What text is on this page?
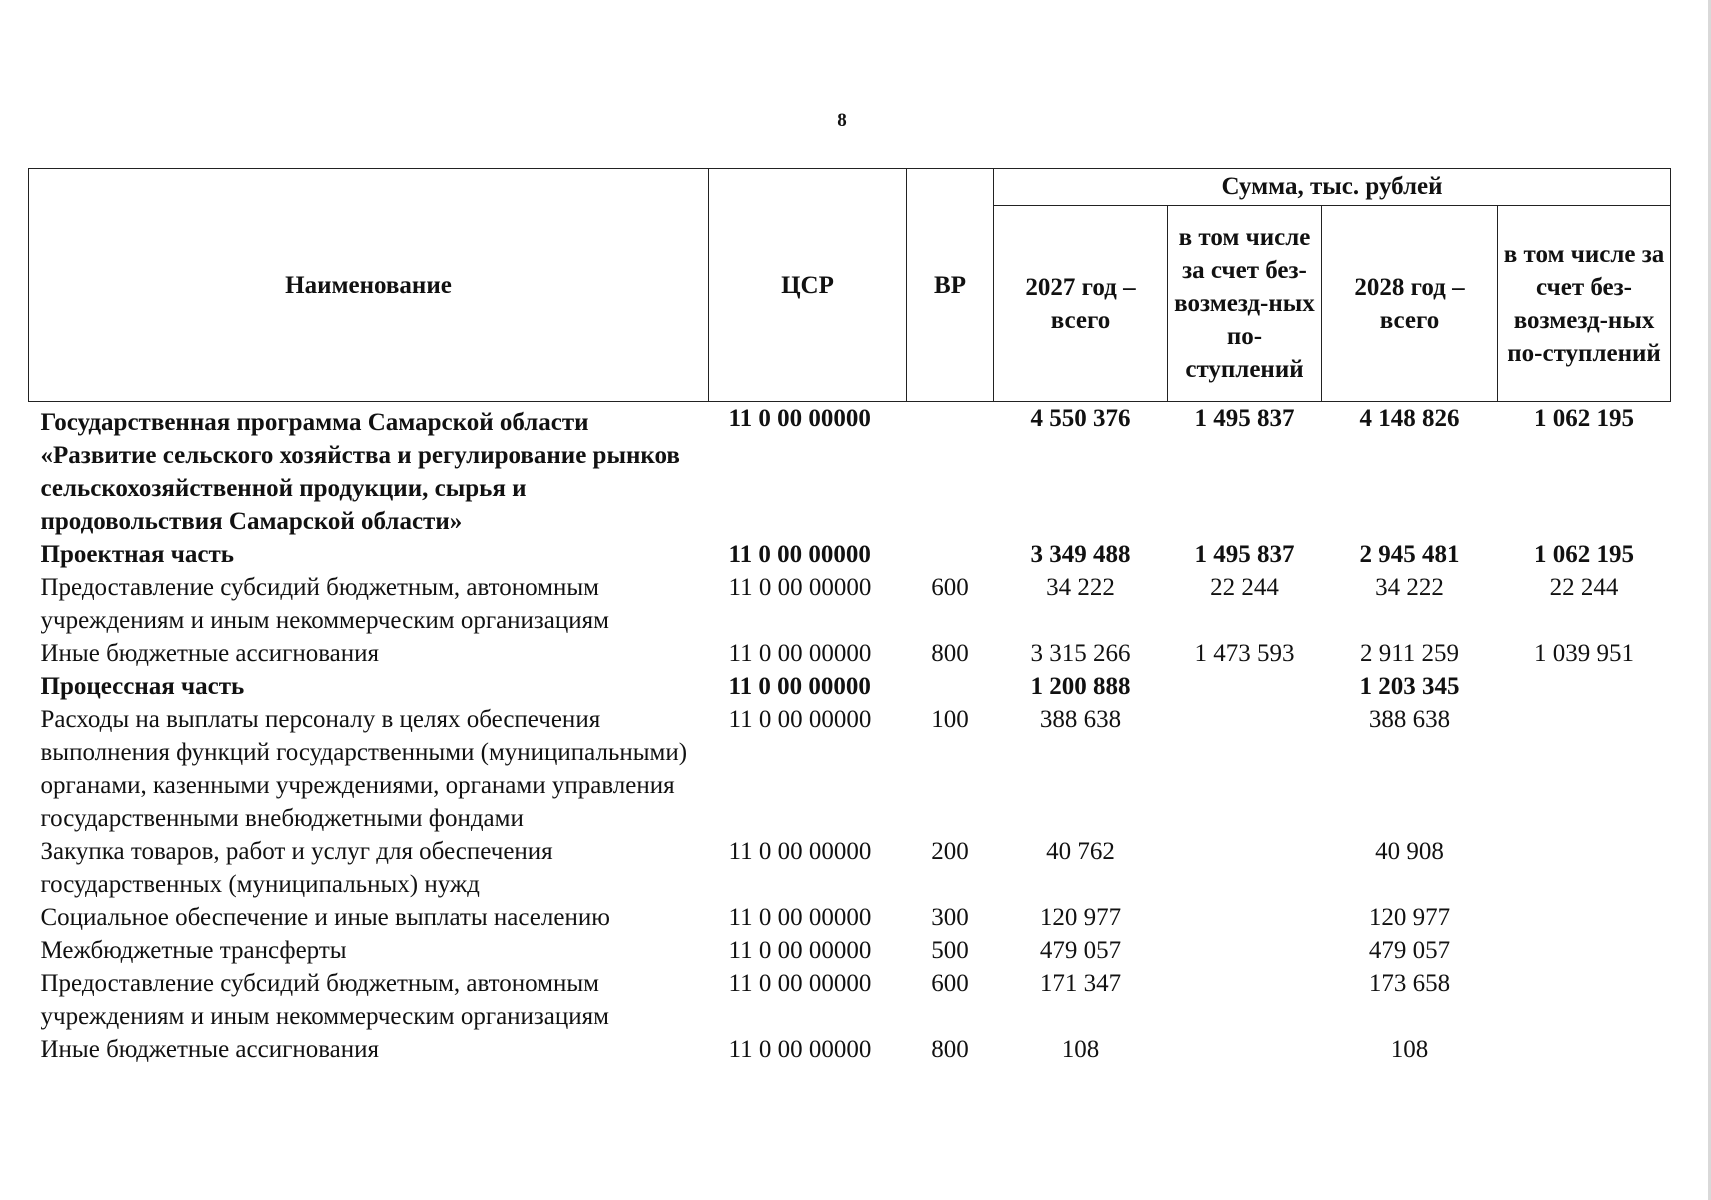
8
Наименование	ЦСР	ВР	Сумма, тыс. рублей			
			2027 год – всего	в том числе за счет без-возмезд-ных по-ступлений	2028 год – всего	в том числе за счет без-возмезд-ных по-ступлений
Государственная программа Самарской области «Развитие сельского хозяйства и регулирование рынков сельскохозяйственной продукции, сырья и продовольствия Самарской области»	11 0 00 00000		4 550 376	1 495 837	4 148 826	1 062 195
Проектная часть	11 0 00 00000		3 349 488	1 495 837	2 945 481	1 062 195
Предоставление субсидий бюджетным, автономным учреждениям и иным некоммерческим организациям	11 0 00 00000	600	34 222	22 244	34 222	22 244
Иные бюджетные ассигнования	11 0 00 00000	800	3 315 266	1 473 593	2 911 259	1 039 951
Процессная часть	11 0 00 00000		1 200 888		1 203 345	
Расходы на выплаты персоналу в целях обеспечения выполнения функций государственными (муниципальными) органами, казенными учреждениями, органами управления государственными внебюджетными фондами	11 0 00 00000	100	388 638		388 638	
Закупка товаров, работ и услуг для обеспечения государственных (муниципальных) нужд	11 0 00 00000	200	40 762		40 908	
Социальное обеспечение и иные выплаты населению	11 0 00 00000	300	120 977		120 977	
Межбюджетные трансферты	11 0 00 00000	500	479 057		479 057	
Предоставление субсидий бюджетным, автономным учреждениям и иным некоммерческим организациям	11 0 00 00000	600	171 347		173 658	
Иные бюджетные ассигнования	11 0 00 00000	800	108		108	
